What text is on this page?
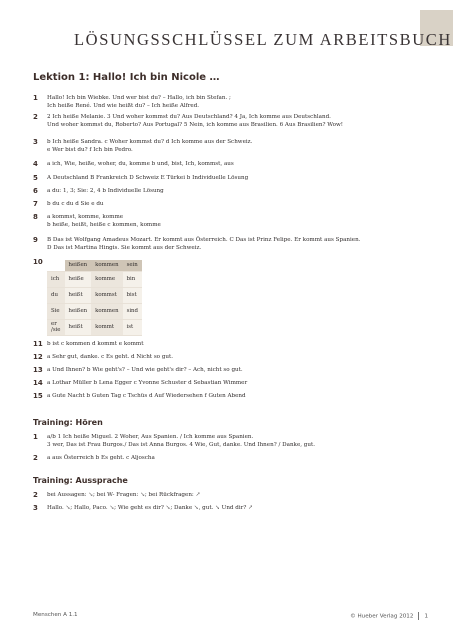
LÖSUNGSSCHLÜSSEL ZUM ARBEITSBUCH
Lektion 1: Hallo! Ich bin Nicole …
1 Hallo! Ich bin Wiebke. Und wer bist du? – Hallo, ich bin Stefan. ;
Ich heiße René. Und wie heißt du? – Ich heiße Alfred.
2 2 Ich heiße Melanie. 3 Und woher kommst du? Aus Deutschland? 4 Ja, Ich komme aus Deutschland.
Und woher kommst du, Roberto? Aus Portugal? 5 Nein, ich komme aus Brasilien. 6 Aus Brasilien? Wow!
3 b Ich heiße Sandra. c Woher kommst du? d Ich komme aus der Schweiz.
e Wer bist du? f Ich bin Pedro.
4 a ich, Wie, heiße, woher, du, komme b und, bist, Ich, kommst, aus
5 A Deutschland B Frankreich D Schweiz E Türkei b Individuelle Lösung
6 a du: 1, 3; Sie: 2, 4 b Individuelle Lösung
7 b du c du d Sie e du
8 a kommst, komme, komme
b heiße, heißt, heiße c kommen, komme
9 B Das ist Wolfgang Amadeus Mozart. Er kommt aus Österreich. C Das ist Prinz Felipe. Er kommt aus Spanien.
D Das ist Martina Hingis. Sie kommt aus der Schweiz.
10
		heißen	kommen	sein
ich	heiße	komme	bin
du	heißt	kommst	bist
Sie	heißen	kommen	sind
er /sie	heißt	kommt	ist
11 b ist c kommen d kommt e kommt
12 a Sehr gut, danke. c Es geht. d Nicht so gut.
13 a Und Ihnen? b Wie geht's? – Und wie geht's dir? – Ach, nicht so gut.
14 a Lothar Müller b Lena Egger c Yvonne Schuster d Sebastian Wimmer
15 a Gute Nacht b Guten Tag c Tschüs d Auf Wiedersehen f Guten Abend
Training: Hören
1 a/b 1 Ich heiße Miguel. 2 Woher, Aus Spanien. / Ich komme aus Spanien.
3 wer, Das ist Frau Burgos./ Das ist Anna Burgos. 4 Wie, Gut, danke. Und Ihnen? / Danke, gut.
2 a aus Österreich b Es geht. c Aljoscha
Training: Aussprache
2 bei Aussagen: ↘; bei W- Fragen: ↘; bei Rückfragen: ↗
3 Hallo. ↘; Hallo, Paco. ↘; Wie geht es dir? ↘; Danke ↘, gut. ↘ Und dir? ↗
Menschen A 1.1	© Hueber Verlag 2012 1
